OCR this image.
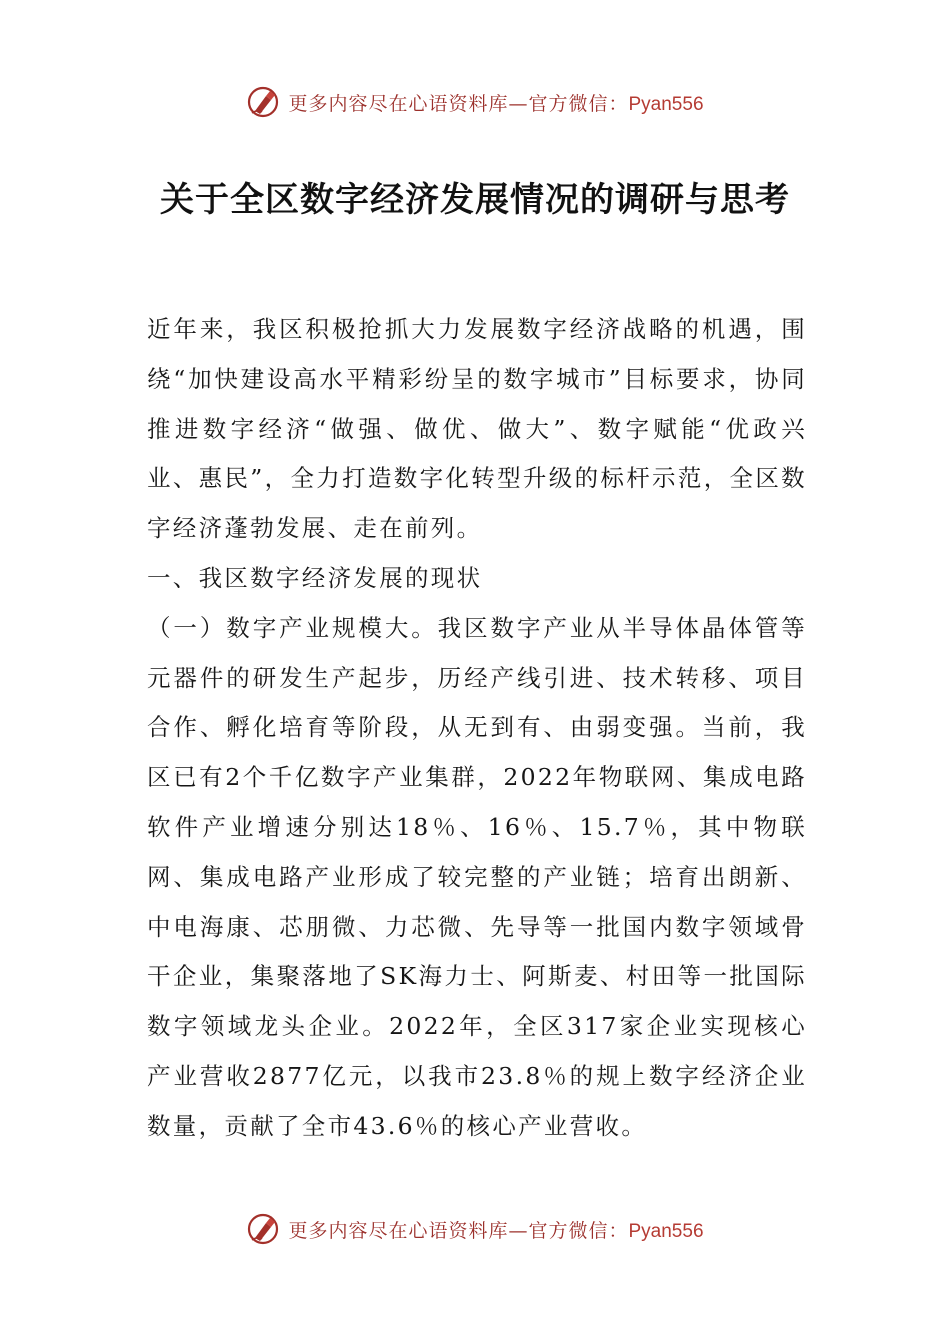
更多内容尽在心语资料库—官方微信：Pyan556
关于全区数字经济发展情况的调研与思考

近年来，我区积极抢抓大力发展数字经济战略的机遇，围绕“加快建设高水平精彩纷呈的数字城市”目标要求，协同推进数字经济“做强、做优、做大”、数字赋能“优政兴业、惠民”，全力打造数字化转型升级的标杆示范，全区数字经济蓬勃发展、走在前列。

一、我区数字经济发展的现状

（一）数字产业规模大。我区数字产业从半导体晶体管等元器件的研发生产起步，历经产线引进、技术转移、项目合作、孵化培育等阶段，从无到有、由弱变强。当前，我区已有2个千亿数字产业集群，2022年物联网、集成电路软件产业增速分别达18％、16％、15.7％，其中物联网、集成电路产业形成了较完整的产业链；培育出朗新、中电海康、芯朋微、力芯微、先导等一批国内数字领域骨干企业，集聚落地了SK海力士、阿斯麦、村田等一批国际数字领域龙头企业。2022年，全区317家企业实现核心产业营收2877亿元，以我市23.8％的规上数字经济企业数量，贡献了全市43.6％的核心产业营收。

更多内容尽在心语资料库—官方微信：Pyan556
